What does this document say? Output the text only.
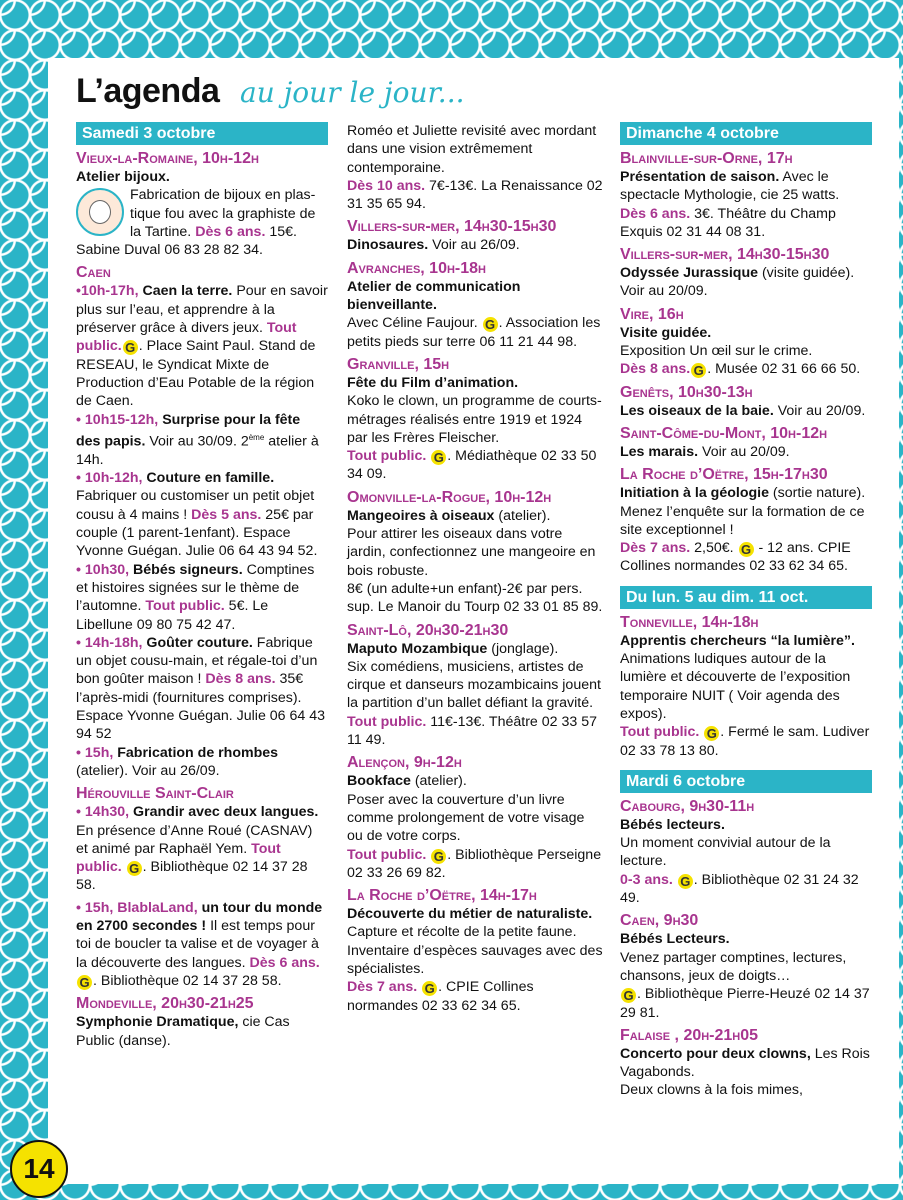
L’agenda au jour le jour...
Samedi 3 octobre
Vieux-la-Romaine, 10h-12h
Atelier bijoux.
Fabrication de bijoux en plas-
tique fou avec la graphiste de
la Tartine. Dès 6 ans. 15€.
Sabine Duval 06 83 28 82 34.
Caen
•10h-17h, Caen la terre. Pour en savoir plus sur l’eau, et apprendre à la préserver grâce à divers jeux. Tout public. G . Place Saint Paul. Stand de RESEAU, le Syndicat Mixte de Production d’Eau Potable de la région de Caen.
• 10h15-12h, Surprise pour la fête des papis. Voir au 30/09. 2ème atelier à 14h.
• 10h-12h, Couture en famille. Fabriquer ou customiser un petit objet cousu à 4 mains ! Dès 5 ans. 25€ par couple (1 parent-1enfant). Espace Yvonne Guégan. Julie 06 64 43 94 52.
• 10h30, Bébés signeurs. Comptines et histoires signées sur le thème de l’automne. Tout public. 5€. Le Libellune 09 80 75 42 47.
• 14h-18h, Goûter couture. Fabrique un objet cousu-main, et régale-toi d’un bon goûter maison ! Dès 8 ans. 35€ l’après-midi (fournitures comprises). Espace Yvonne Guégan. Julie 06 64 43 94 52
• 15h, Fabrication de rhombes (atelier). Voir au 26/09.
Hérouville Saint-Clair
• 14h30, Grandir avec deux langues. En présence d’Anne Roué (CASNAV) et animé par Raphaël Yem. Tout public. G . Bibliothèque 02 14 37 28 58.
• 15h, BlablaLand, un tour du monde en 2700 secondes ! Il est temps pour toi de boucler ta valise et de voyager à la découverte des langues. Dès 6 ans. G . Bibliothèque 02 14 37 28 58.
Mondeville, 20h30-21h25
Symphonie Dramatique, cie Cas Public (danse).
Roméo et Juliette revisité avec mordant dans une vision extrêmement contemporaine.
Dès 10 ans. 7€-13€. La Renaissance 02 31 35 65 94.
Villers-sur-mer, 14h30-15h30
Dinosaures. Voir au 26/09.
Avranches, 10h-18h
Atelier de communication bienveillante.
Avec Céline Faujour. G . Association les petits pieds sur terre 06 11 21 44 98.
Granville, 15h
Fête du Film d’animation.
Koko le clown, un programme de courts-métrages réalisés entre 1919 et 1924 par les Frères Fleischer.
Tout public. G . Médiathèque 02 33 50 34 09.
Omonville-la-Rogue, 10h-12h
Mangeoires à oiseaux (atelier).
Pour attirer les oiseaux dans votre jardin, confectionnez une mangeoire en bois robuste.
8€ (un adulte+un enfant)-2€ par pers. sup. Le Manoir du Tourp 02 33 01 85 89.
Saint-Lô, 20h30-21h30
Maputo Mozambique (jonglage).
Six comédiens, musiciens, artistes de cirque et danseurs mozambicains jouent la partition d’un ballet défiant la gravité.
Tout public. 11€-13€. Théâtre 02 33 57 11 49.
Alençon, 9h-12h
Bookface (atelier).
Poser avec la couverture d’un livre comme prolongement de votre visage ou de votre corps.
Tout public. G . Bibliothèque Perseigne 02 33 26 69 82.
La Roche d’Oëtre, 14h-17h
Découverte du métier de naturaliste.
Capture et récolte de la petite faune. Inventaire d’espèces sauvages avec des spécialistes.
Dès 7 ans. G . CPIE Collines normandes 02 33 62 34 65.
Dimanche 4 octobre
Blainville-sur-Orne, 17h
Présentation de saison. Avec le spectacle Mythologie, cie 25 watts.
Dès 6 ans. 3€. Théâtre du Champ Exquis 02 31 44 08 31.
Villers-sur-mer, 14h30-15h30
Odyssée Jurassique (visite guidée). Voir au 20/09.
Vire, 16h
Visite guidée.
Exposition Un œil sur le crime.
Dès 8 ans. G . Musée 02 31 66 66 50.
Genêts, 10h30-13h
Les oiseaux de la baie. Voir au 20/09.
Saint-Côme-du-Mont, 10h-12h
Les marais. Voir au 20/09.
La Roche d’Oëtre, 15h-17h30
Initiation à la géologie (sortie nature). Menez l’enquête sur la formation de ce site exceptionnel !
Dès 7 ans. 2,50€. G - 12 ans. CPIE Collines normandes 02 33 62 34 65.
Du lun. 5 au dim. 11 oct.
Tonneville, 14h-18h
Apprentis chercheurs “la lumière”. Animations ludiques autour de la lumière et découverte de l’exposition temporaire NUIT ( Voir agenda des expos).
Tout public. G . Fermé le sam. Ludiver 02 33 78 13 80.
Mardi 6 octobre
Cabourg, 9h30-11h
Bébés lecteurs.
Un moment convivial autour de la lecture.
0-3 ans. G . Bibliothèque 02 31 24 32 49.
Caen, 9h30
Bébés Lecteurs.
Venez partager comptines, lectures, chansons, jeux de doigts…
G . Bibliothèque Pierre-Heuzé 02 14 37 29 81.
Falaise , 20h-21h05
Concerto pour deux clowns, Les Rois Vagabonds.
Deux clowns à la fois mimes,
14
